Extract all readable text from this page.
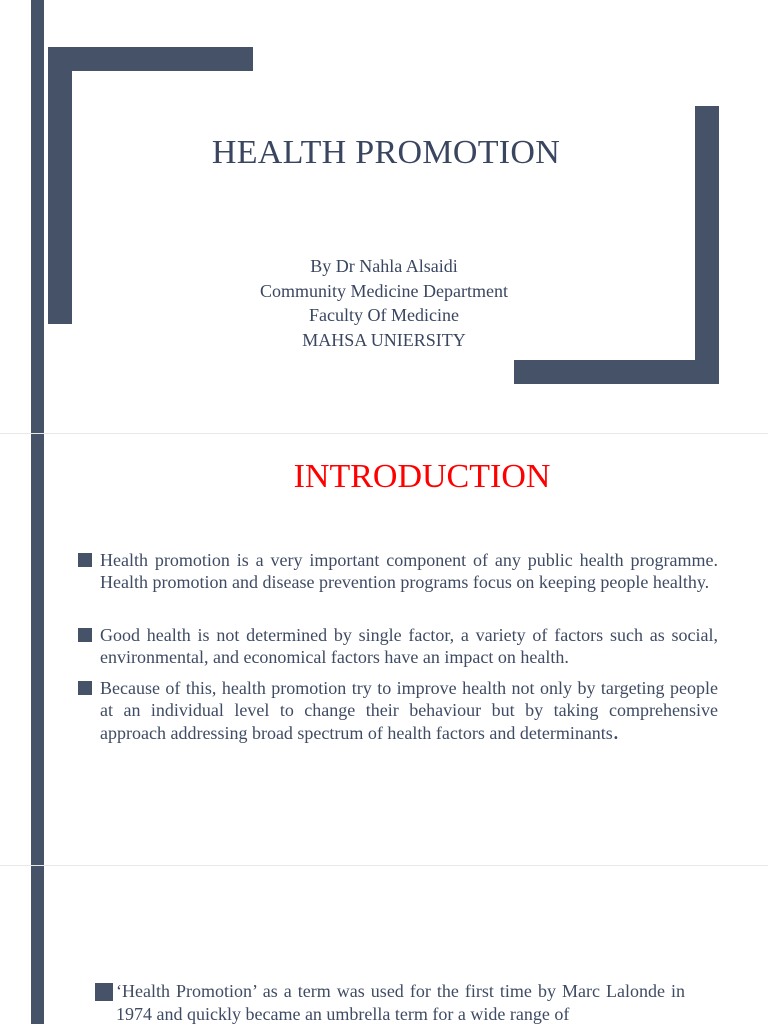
HEALTH PROMOTION
By Dr Nahla Alsaidi
Community Medicine Department
Faculty Of Medicine
MAHSA UNIERSITY
INTRODUCTION
Health promotion is a very important component of any public health programme. Health promotion and disease prevention programs focus on keeping people healthy.
Good health is not determined by single factor, a variety of factors such as social, environmental, and economical factors have an impact on health.
Because of this, health promotion try to improve health not only by targeting people at an individual level to change their behaviour but by taking comprehensive approach addressing broad spectrum of health factors and determinants.
‘Health Promotion’ as a term was used for the first time by Marc Lalonde in 1974 and quickly became an umbrella term for a wide range of
